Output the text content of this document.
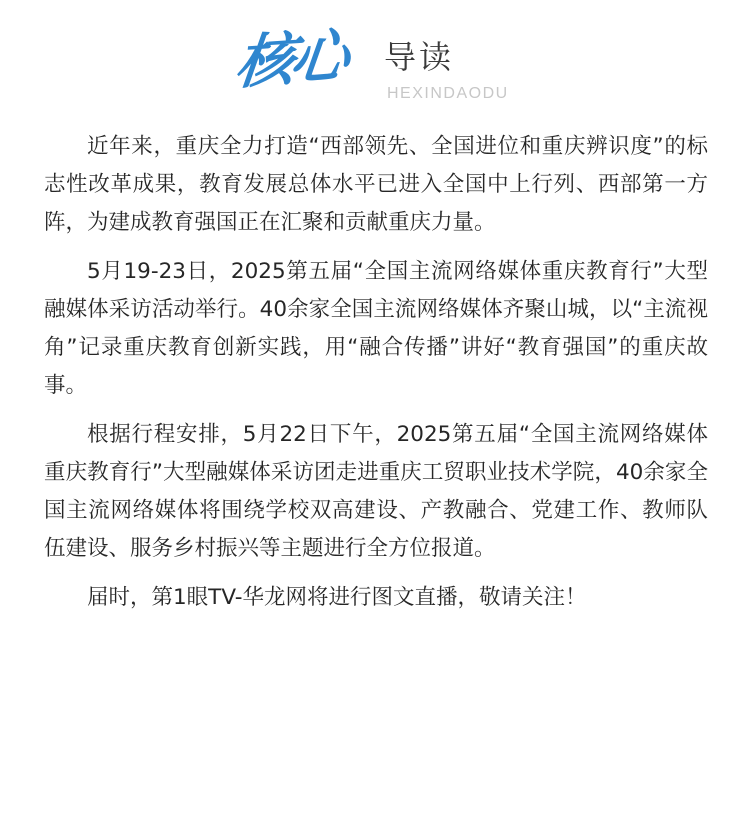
核心 导读
HEXINDAODU

近年来，重庆全力打造“西部领先、全国进位和重庆辨识度”的标志性改革成果，教育发展总体水平已进入全国中上行列、西部第一方阵，为建成教育强国正在汇聚和贡献重庆力量。

5月19-23日，2025第五届“全国主流网络媒体重庆教育行”大型融媒体采访活动举行。40余家全国主流网络媒体齐聚山城，以“主流视角”记录重庆教育创新实践，用“融合传播”讲好“教育强国”的重庆故事。

根据行程安排，5月22日下午，2025第五届“全国主流网络媒体重庆教育行”大型融媒体采访团走进重庆工贸职业技术学院，40余家全国主流网络媒体将围绕学校双高建设、产教融合、党建工作、教师队伍建设、服务乡村振兴等主题进行全方位报道。

届时，第1眼TV-华龙网将进行图文直播，敬请关注！
